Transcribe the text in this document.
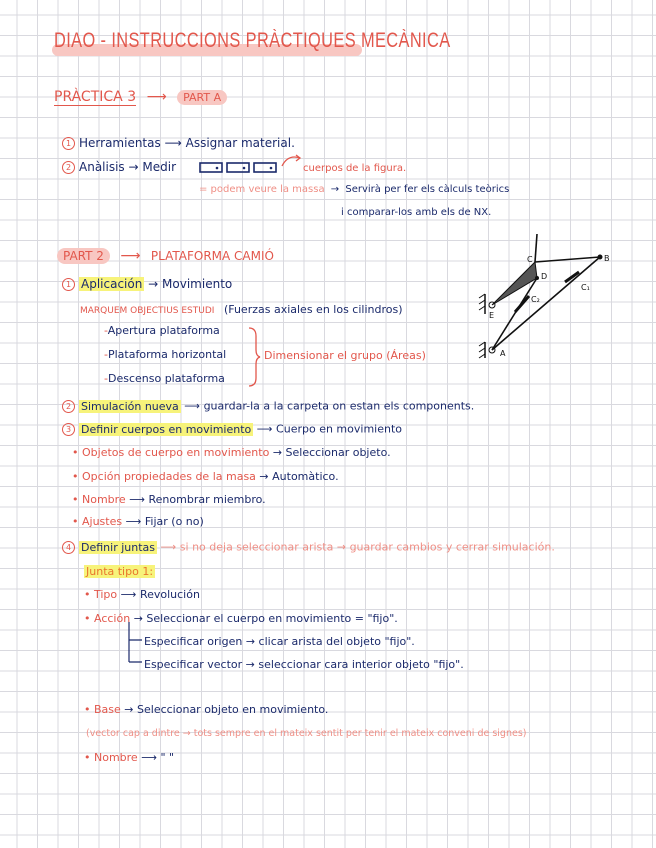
DIAO - INSTRUCCIONS PRÀCTIQUES MECÀNICA
PRÀCTICA 3 ⟶ PART A
1 Herramientas ⟶ Assignar material.
2 Anàlisis → Medir	cuerpos de la figura.
= podem veure la massa → Servirà per fer els càlculs teòrics
i comparar-los amb els de NX.
PART 2 ⟶ PLATAFORMA CAMIÓ
1 Aplicación → Movimiento
MARQUEM OBJECTIUS ESTUDI (Fuerzas axiales en los cilindros)
-Apertura plataforma
-Plataforma horizontal
-Descenso plataforma
Dimensionar el grupo (Áreas)
C
D
B
C₁
C₂
E
A
2 Simulación nueva ⟶ guardar-la a la carpeta on estan els components.
3 Definir cuerpos en movimiento ⟶ Cuerpo en movimiento
• Objetos de cuerpo en movimiento → Seleccionar objeto.
• Opción propiedades de la masa → Automàtico.
• Nombre ⟶ Renombrar miembro.
• Ajustes ⟶ Fijar (o no)
4 Definir juntas ⟶ si no deja seleccionar arista → guardar cambios y cerrar simulación.
Junta tipo 1:
• Tipo ⟶ Revolución
• Acción → Seleccionar el cuerpo en movimiento = "fijo".
Especificar origen → clicar arista del objeto "fijo".
Especificar vector → seleccionar cara interior objeto "fijo".
• Base → Seleccionar objeto en movimiento.
(vector cap a dintre → tots sempre en el mateix sentit per tenir el mateix conveni de signes)
• Nombre ⟶ " "
